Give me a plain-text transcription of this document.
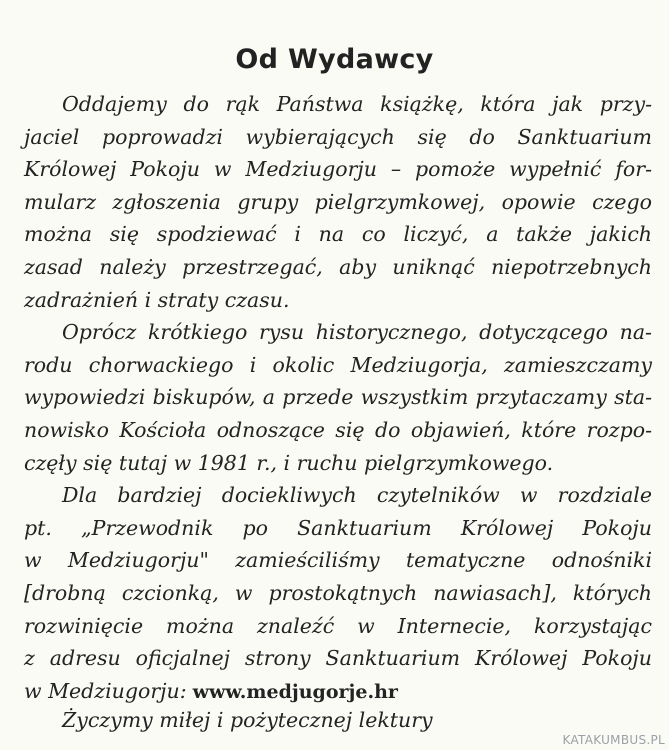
Od Wydawcy
Oddajemy do rąk Państwa książkę, która jak przy-
jaciel poprowadzi wybierających się do Sanktuarium
Królowej Pokoju w Medziugorju – pomoże wypełnić for-
mularz zgłoszenia grupy pielgrzymkowej, opowie czego
można się spodziewać i na co liczyć, a także jakich
zasad należy przestrzegać, aby uniknąć niepotrzebnych
zadrażnień i straty czasu.
Oprócz krótkiego rysu historycznego, dotyczącego na-
rodu chorwackiego i okolic Medziugorja, zamieszczamy
wypowiedzi biskupów, a przede wszystkim przytaczamy sta-
nowisko Kościoła odnoszące się do objawień, które rozpo-
częły się tutaj w 1981 r., i ruchu pielgrzymkowego.
Dla bardziej dociekliwych czytelników w rozdziale
pt. „Przewodnik po Sanktuarium Królowej Pokoju
w Medziugorju" zamieściliśmy tematyczne odnośniki
[drobną czcionką, w prostokątnych nawiasach], których
rozwinięcie można znaleźć w Internecie, korzystając
z adresu oficjalnej strony Sanktuarium Królowej Pokoju
w Medziugorju: www.medjugorje.hr
Życzymy miłej i pożytecznej lektury
KATAKUMBUS.PL
